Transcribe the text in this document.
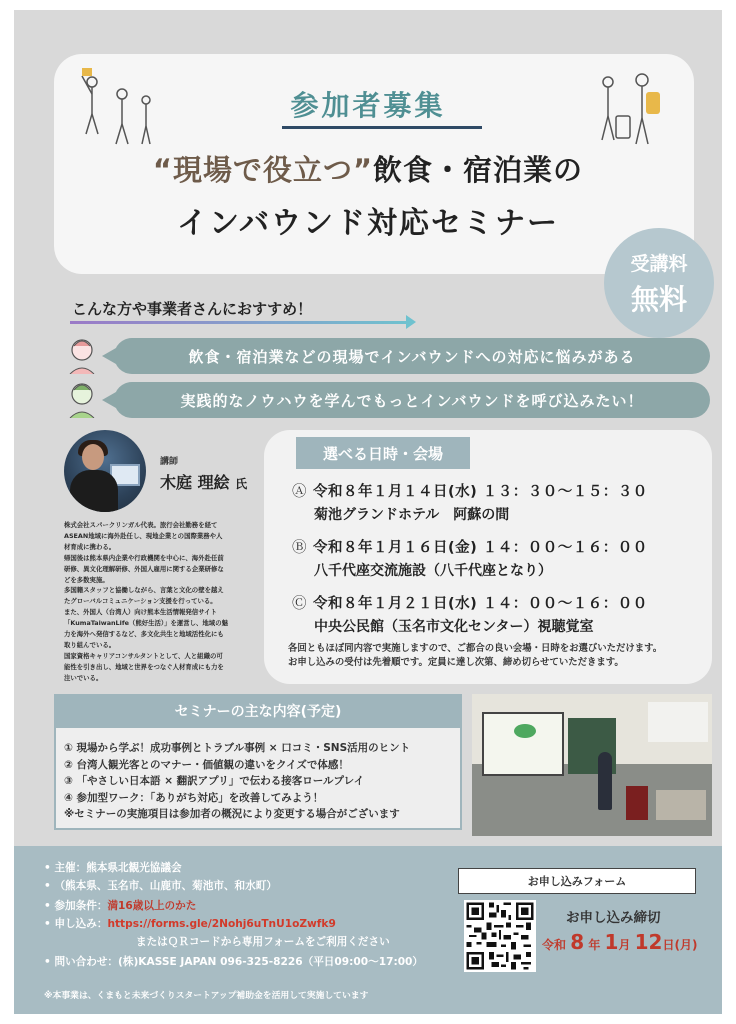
参加者募集
“現場で役立つ”飲食・宿泊業の
インバウンド対応セミナー
受講料
無料
こんな方や事業者さんにおすすめ！
飲食・宿泊業などの現場でインバウンドへの対応に悩みがある
実践的なノウハウを学んでもっとインバウンドを呼び込みたい！
講師
木庭 理絵 氏
株式会社スパークリンガル代表。旅行会社勤務を経て
ASEAN地域に海外赴任し、現地企業との国際業務や人
材育成に携わる。
帰国後は熊本県内企業や行政機関を中心に、海外赴任前
研修、異文化理解研修、外国人雇用に関する企業研修な
どを多数実施。
多国籍スタッフと協働しながら、言葉と文化の壁を越え
たグローバルコミュニケーション支援を行っている。
また、外国人（台湾人）向け熊本生活情報発信サイト
「KumaTaiwanLife（熊好生活）」を運営し、地域の魅
力を海外へ発信するなど、多文化共生と地域活性化にも
取り組んでいる。
国家資格キャリアコンサルタントとして、人と組織の可
能性を引き出し、地域と世界をつなぐ人材育成にも力を
注いでいる。
選べる日時・会場
Ⓐ 令和８年１月１４日(水) １３：３０〜１５：３０
菊池グランドホテル　阿蘇の間
Ⓑ 令和８年１月１６日(金) １４：００〜１６：００
八千代座交流施設（八千代座となり）
Ⓒ 令和８年１月２１日(水) １４：００〜１６：００
中央公民館（玉名市文化センター）視聴覚室
各回ともほぼ同内容で実施しますので、ご都合の良い会場・日時をお選びいただけます。
お申し込みの受付は先着順です。定員に達し次第、締め切らせていただきます。
セミナーの主な内容(予定)
① 現場から学ぶ！成功事例とトラブル事例 × 口コミ・SNS活用のヒント
② 台湾人観光客とのマナー・価値観の違いをクイズで体感！
③ 「やさしい日本語 × 翻訳アプリ」で伝わる接客ロールプレイ
④ 参加型ワーク：「ありがち対応」を改善してみよう！
※セミナーの実施項目は参加者の概況により変更する場合がございます
• 主催：熊本県北観光協議会
• （熊本県、玉名市、山鹿市、菊池市、和水町）
• 参加条件：満16歳以上のかた
• 申し込み：https://forms.gle/2Nohj6uTnU1oZwfk9
またはＱＲコードから専用フォームをご利用ください
• 問い合わせ：(株)KASSE JAPAN 096-325-8226（平日09:00〜17:00）
※本事業は、くまもと未来づくりスタートアップ補助金を活用して実施しています
お申し込みフォーム
お申し込み締切
令和 8 年 1月 12日(月)
